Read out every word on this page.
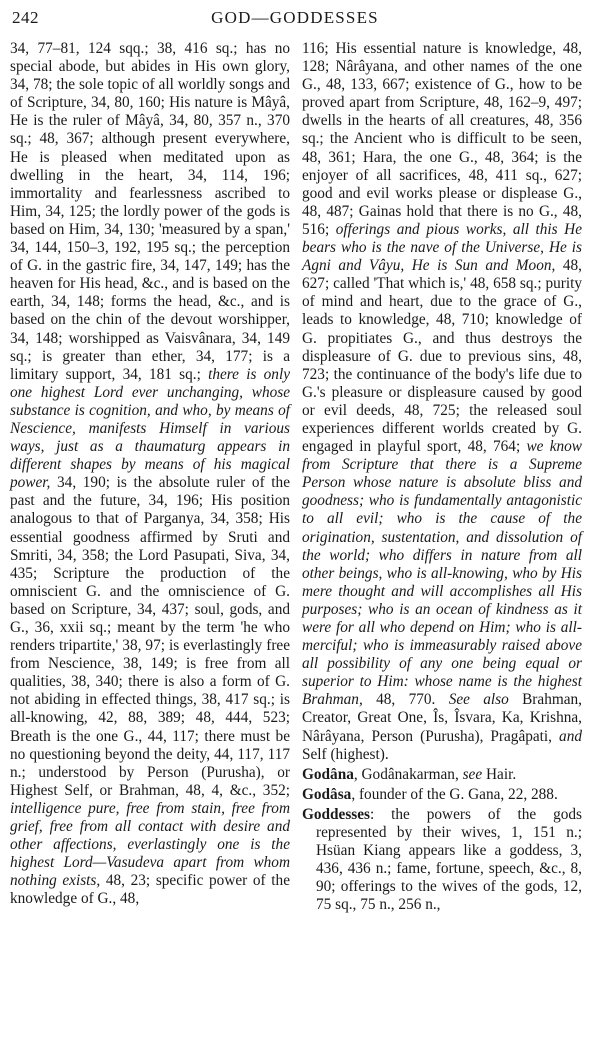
242	GOD—GODDESSES

34, 77–81, 124 sqq.; 38, 416 sq.; has no special abode, but abides in His own glory, 34, 78; the sole topic of all worldly songs and of Scripture, 34, 80, 160; His nature is Mâyâ, He is the ruler of Mâyâ, 34, 80, 357 n., 370 sq.; 48, 367; although present everywhere, He is pleased when meditated upon as dwelling in the heart, 34, 114, 196; immortality and fearlessness ascribed to Him, 34, 125; the lordly power of the gods is based on Him, 34, 130; 'measured by a span,' 34, 144, 150–3, 192, 195 sq.; the perception of G. in the gastric fire, 34, 147, 149; has the heaven for His head, &c., and is based on the earth, 34, 148; forms the head, &c., and is based on the chin of the devout worshipper, 34, 148; worshipped as Vaisvânara, 34, 149 sq.; is greater than ether, 34, 177; is a limitary support, 34, 181 sq.; there is only one highest Lord ever unchanging, whose substance is cognition, and who, by means of Nescience, manifests Himself in various ways, just as a thaumaturg appears in different shapes by means of his magical power, 34, 190; is the absolute ruler of the past and the future, 34, 196; His position analogous to that of Parganya, 34, 358; His essential goodness affirmed by Sruti and Smriti, 34, 358; the Lord Pasupati, Siva, 34, 435; Scripture the production of the omniscient G. and the omniscience of G. based on Scripture, 34, 437; soul, gods, and G., 36, xxii sq.; meant by the term 'he who renders tripartite,' 38, 97; is everlastingly free from Nescience, 38, 149; is free from all qualities, 38, 340; there is also a form of G. not abiding in effected things, 38, 417 sq.; is all-knowing, 42, 88, 389; 48, 444, 523; Breath is the one G., 44, 117; there must be no questioning beyond the deity, 44, 117, 117 n.; understood by Person (Purusha), or Highest Self, or Brahman, 48, 4, &c., 352; intelligence pure, free from stain, free from grief, free from all contact with desire and other affections, everlastingly one is the highest Lord—Vasudeva apart from whom nothing exists, 48, 23; specific power of the knowledge of G., 48,

116; His essential nature is knowledge, 48, 128; Nârâyana, and other names of the one G., 48, 133, 667; existence of G., how to be proved apart from Scripture, 48, 162–9, 497; dwells in the hearts of all creatures, 48, 356 sq.; the Ancient who is difficult to be seen, 48, 361; Hara, the one G., 48, 364; is the enjoyer of all sacrifices, 48, 411 sq., 627; good and evil works please or displease G., 48, 487; Gainas hold that there is no G., 48, 516; offerings and pious works, all this He bears who is the nave of the Universe, He is Agni and Vâyu, He is Sun and Moon, 48, 627; called 'That which is,' 48, 658 sq.; purity of mind and heart, due to the grace of G., leads to knowledge, 48, 710; knowledge of G. propitiates G., and thus destroys the displeasure of G. due to previous sins, 48, 723; the continuance of the body's life due to G.'s pleasure or displeasure caused by good or evil deeds, 48, 725; the released soul experiences different worlds created by G. engaged in playful sport, 48, 764; we know from Scripture that there is a Supreme Person whose nature is absolute bliss and goodness; who is fundamentally antagonistic to all evil; who is the cause of the origination, sustentation, and dissolution of the world; who differs in nature from all other beings, who is all-knowing, who by His mere thought and will accomplishes all His purposes; who is an ocean of kindness as it were for all who depend on Him; who is all-merciful; who is immeasurably raised above all possibility of any one being equal or superior to Him: whose name is the highest Brahman, 48, 770. See also Brahman, Creator, Great One, Îs, Îsvara, Ka, Krishna, Nârâyana, Person (Purusha), Pragâpati, and Self (highest).

Godâna, Godânakarman, see Hair.

Godâsa, founder of the G. Gana, 22, 288.

Goddesses: the powers of the gods represented by their wives, 1, 151 n.; Hsüan Kiang appears like a goddess, 3, 436, 436 n.; fame, fortune, speech, &c., 8, 90; offerings to the wives of the gods, 12, 75 sq., 75 n., 256 n.,
